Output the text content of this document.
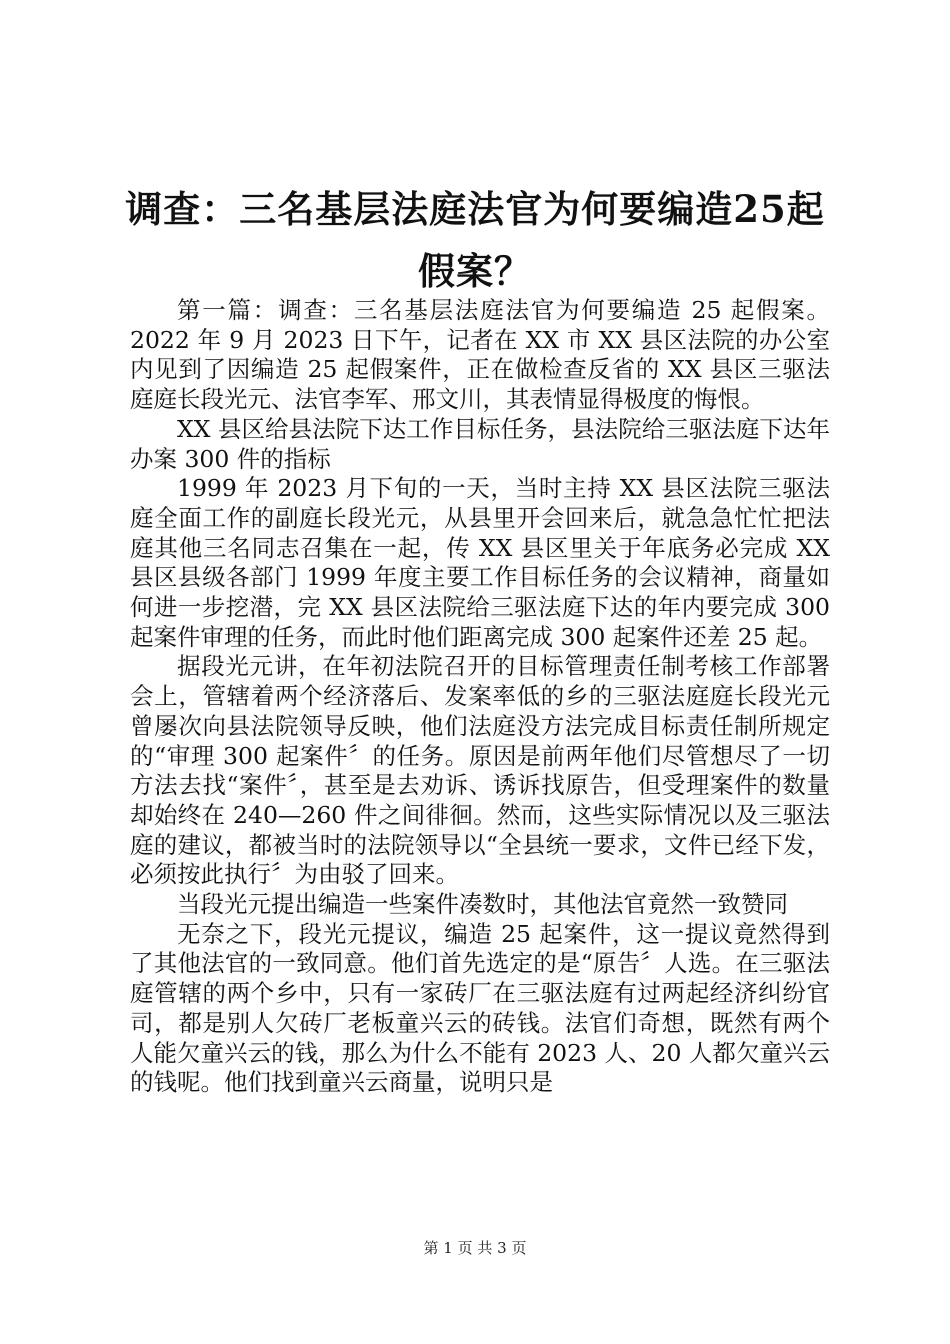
调查：三名基层法庭法官为何要编造25起假案？

第一篇：调查：三名基层法庭法官为何要编造 25 起假案。2022 年 9 月 2023 日下午，记者在 XX 市 XX 县区法院的办公室内见到了因编造 25 起假案件，正在做检查反省的 XX 县区三驱法庭庭长段光元、法官李军、邢文川，其表情显得极度的悔恨。

XX 县区给县法院下达工作目标任务，县法院给三驱法庭下达年办案 300 件的指标

1999 年 2023 月下旬的一天，当时主持 XX 县区法院三驱法庭全面工作的副庭长段光元，从县里开会回来后，就急急忙忙把法庭其他三名同志召集在一起，传 XX 县区里关于年底务必完成 XX 县区县级各部门 1999 年度主要工作目标任务的会议精神，商量如何进一步挖潜，完 XX 县区法院给三驱法庭下达的年内要完成 300 起案件审理的任务，而此时他们距离完成 300 起案件还差 25 起。

据段光元讲，在年初法院召开的目标管理责任制考核工作部署会上，管辖着两个经济落后、发案率低的乡的三驱法庭庭长段光元曾屡次向县法院领导反映，他们法庭没方法完成目标责任制所规定的“审理 300 起案件〞的任务。原因是前两年他们尽管想尽了一切方法去找“案件〞，甚至是去劝诉、诱诉找原告，但受理案件的数量却始终在 240—260 件之间徘徊。然而，这些实际情况以及三驱法庭的建议，都被当时的法院领导以“全县统一要求，文件已经下发，必须按此执行〞为由驳了回来。

当段光元提出编造一些案件凑数时，其他法官竟然一致赞同

无奈之下，段光元提议，编造 25 起案件，这一提议竟然得到了其他法官的一致同意。他们首先选定的是“原告〞人选。在三驱法庭管辖的两个乡中，只有一家砖厂在三驱法庭有过两起经济纠纷官司，都是别人欠砖厂老板童兴云的砖钱。法官们奇想，既然有两个人能欠童兴云的钱，那么为什么不能有 2023 人、20 人都欠童兴云的钱呢。他们找到童兴云商量，说明只是

第 1 页 共 3 页
